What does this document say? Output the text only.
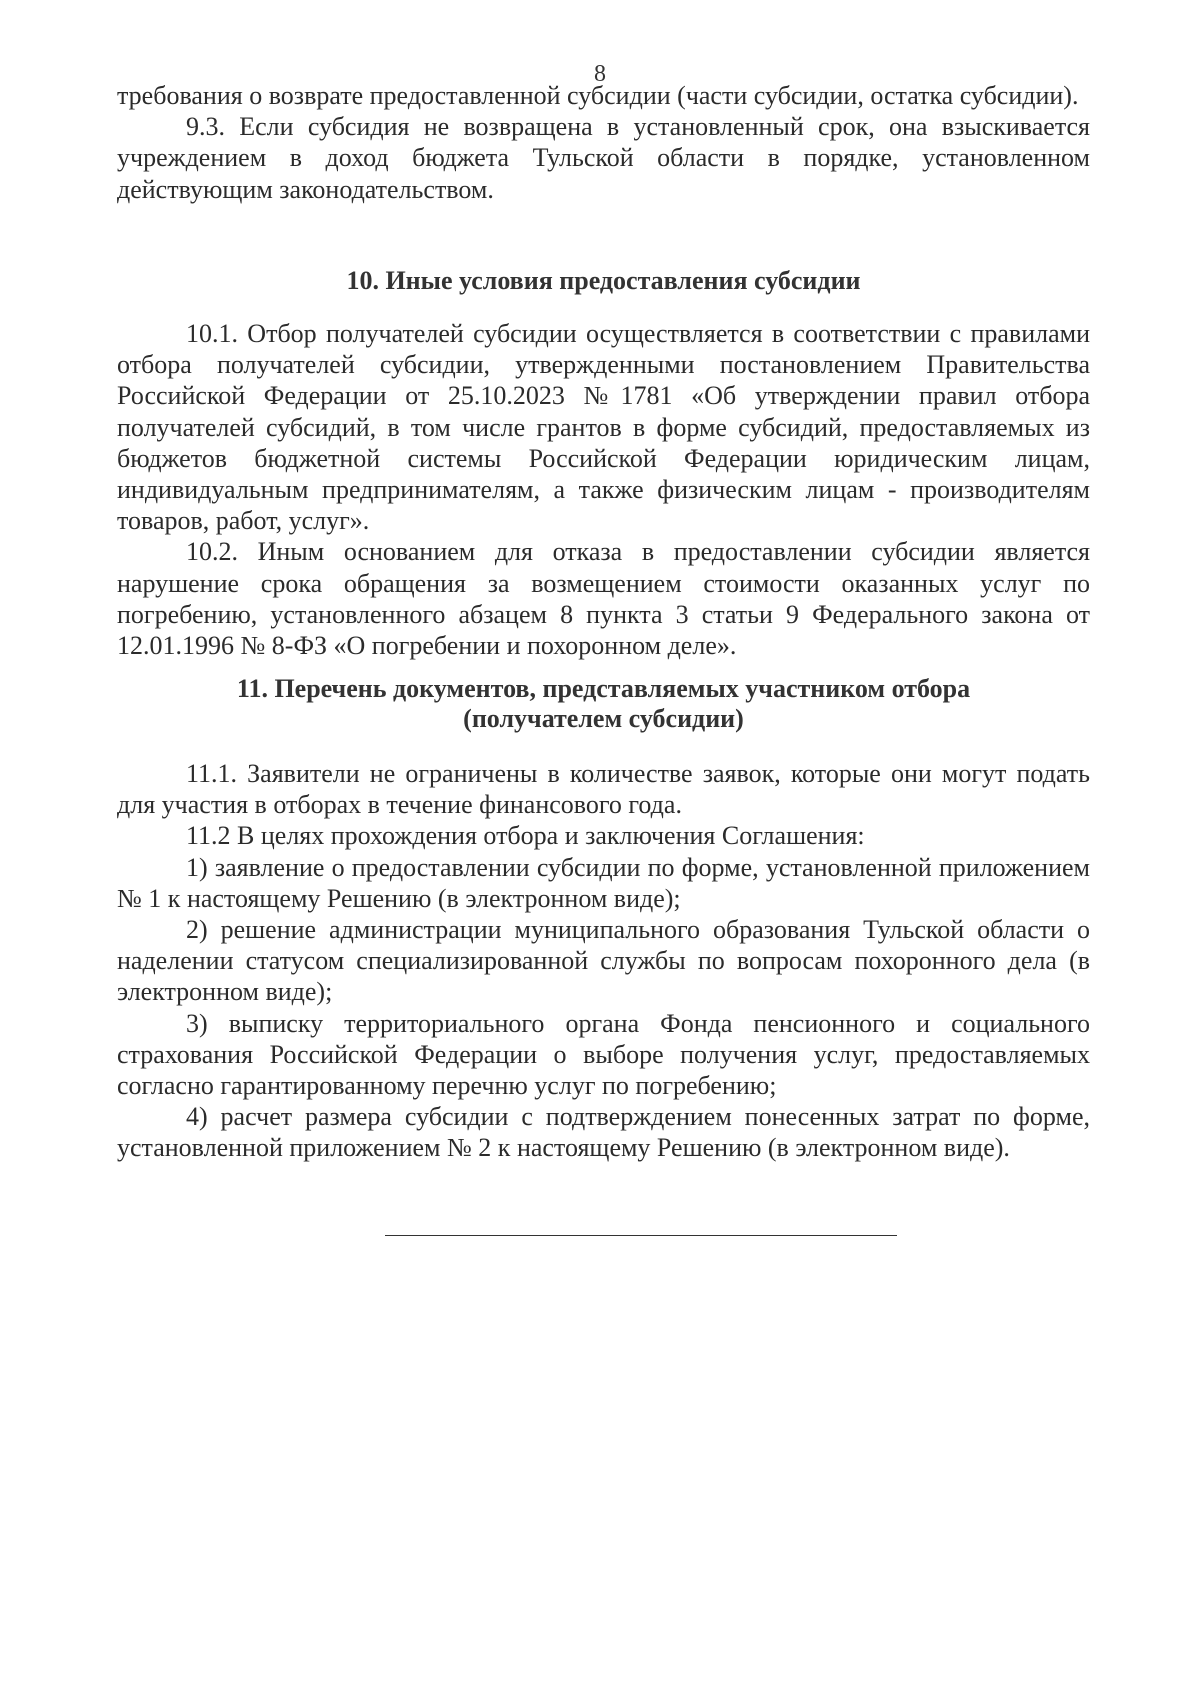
8

требования о возврате предоставленной субсидии (части субсидии, остатка субсидии).

9.3. Если субсидия не возвращена в установленный срок, она взыскивается учреждением в доход бюджета Тульской области в порядке, установленном действующим законодательством.

10. Иные условия предоставления субсидии

10.1. Отбор получателей субсидии осуществляется в соответствии с правилами отбора получателей субсидии, утвержденными постановлением Правительства Российской Федерации от 25.10.2023 №1781 «Об утверждении правил отбора получателей субсидий, в том числе грантов в форме субсидий, предоставляемых из бюджетов бюджетной системы Российской Федерации юридическим лицам, индивидуальным предпринимателям, а также физическим лицам - производителям товаров, работ, услуг».

10.2. Иным основанием для отказа в предоставлении субсидии является нарушение срока обращения за возмещением стоимости оказанных услуг по погребению, установленного абзацем 8 пункта 3 статьи 9 Федерального закона от 12.01.1996 № 8-ФЗ «О погребении и похоронном деле».

11. Перечень документов, представляемых участником отбора
(получателем субсидии)

11.1. Заявители не ограничены в количестве заявок, которые они могут подать для участия в отборах в течение финансового года.

11.2 В целях прохождения отбора и заключения Соглашения:

1) заявление о предоставлении субсидии по форме, установленной приложением № 1 к настоящему Решению (в электронном виде);

2) решение администрации муниципального образования Тульской области о наделении статусом специализированной службы по вопросам похоронного дела (в электронном виде);

3) выписку территориального органа Фонда пенсионного и социального страхования Российской Федерации о выборе получения услуг, предоставляемых согласно гарантированному перечню услуг по погребению;

4) расчет размера субсидии с подтверждением понесенных затрат по форме, установленной приложением № 2 к настоящему Решению (в электронном виде).
